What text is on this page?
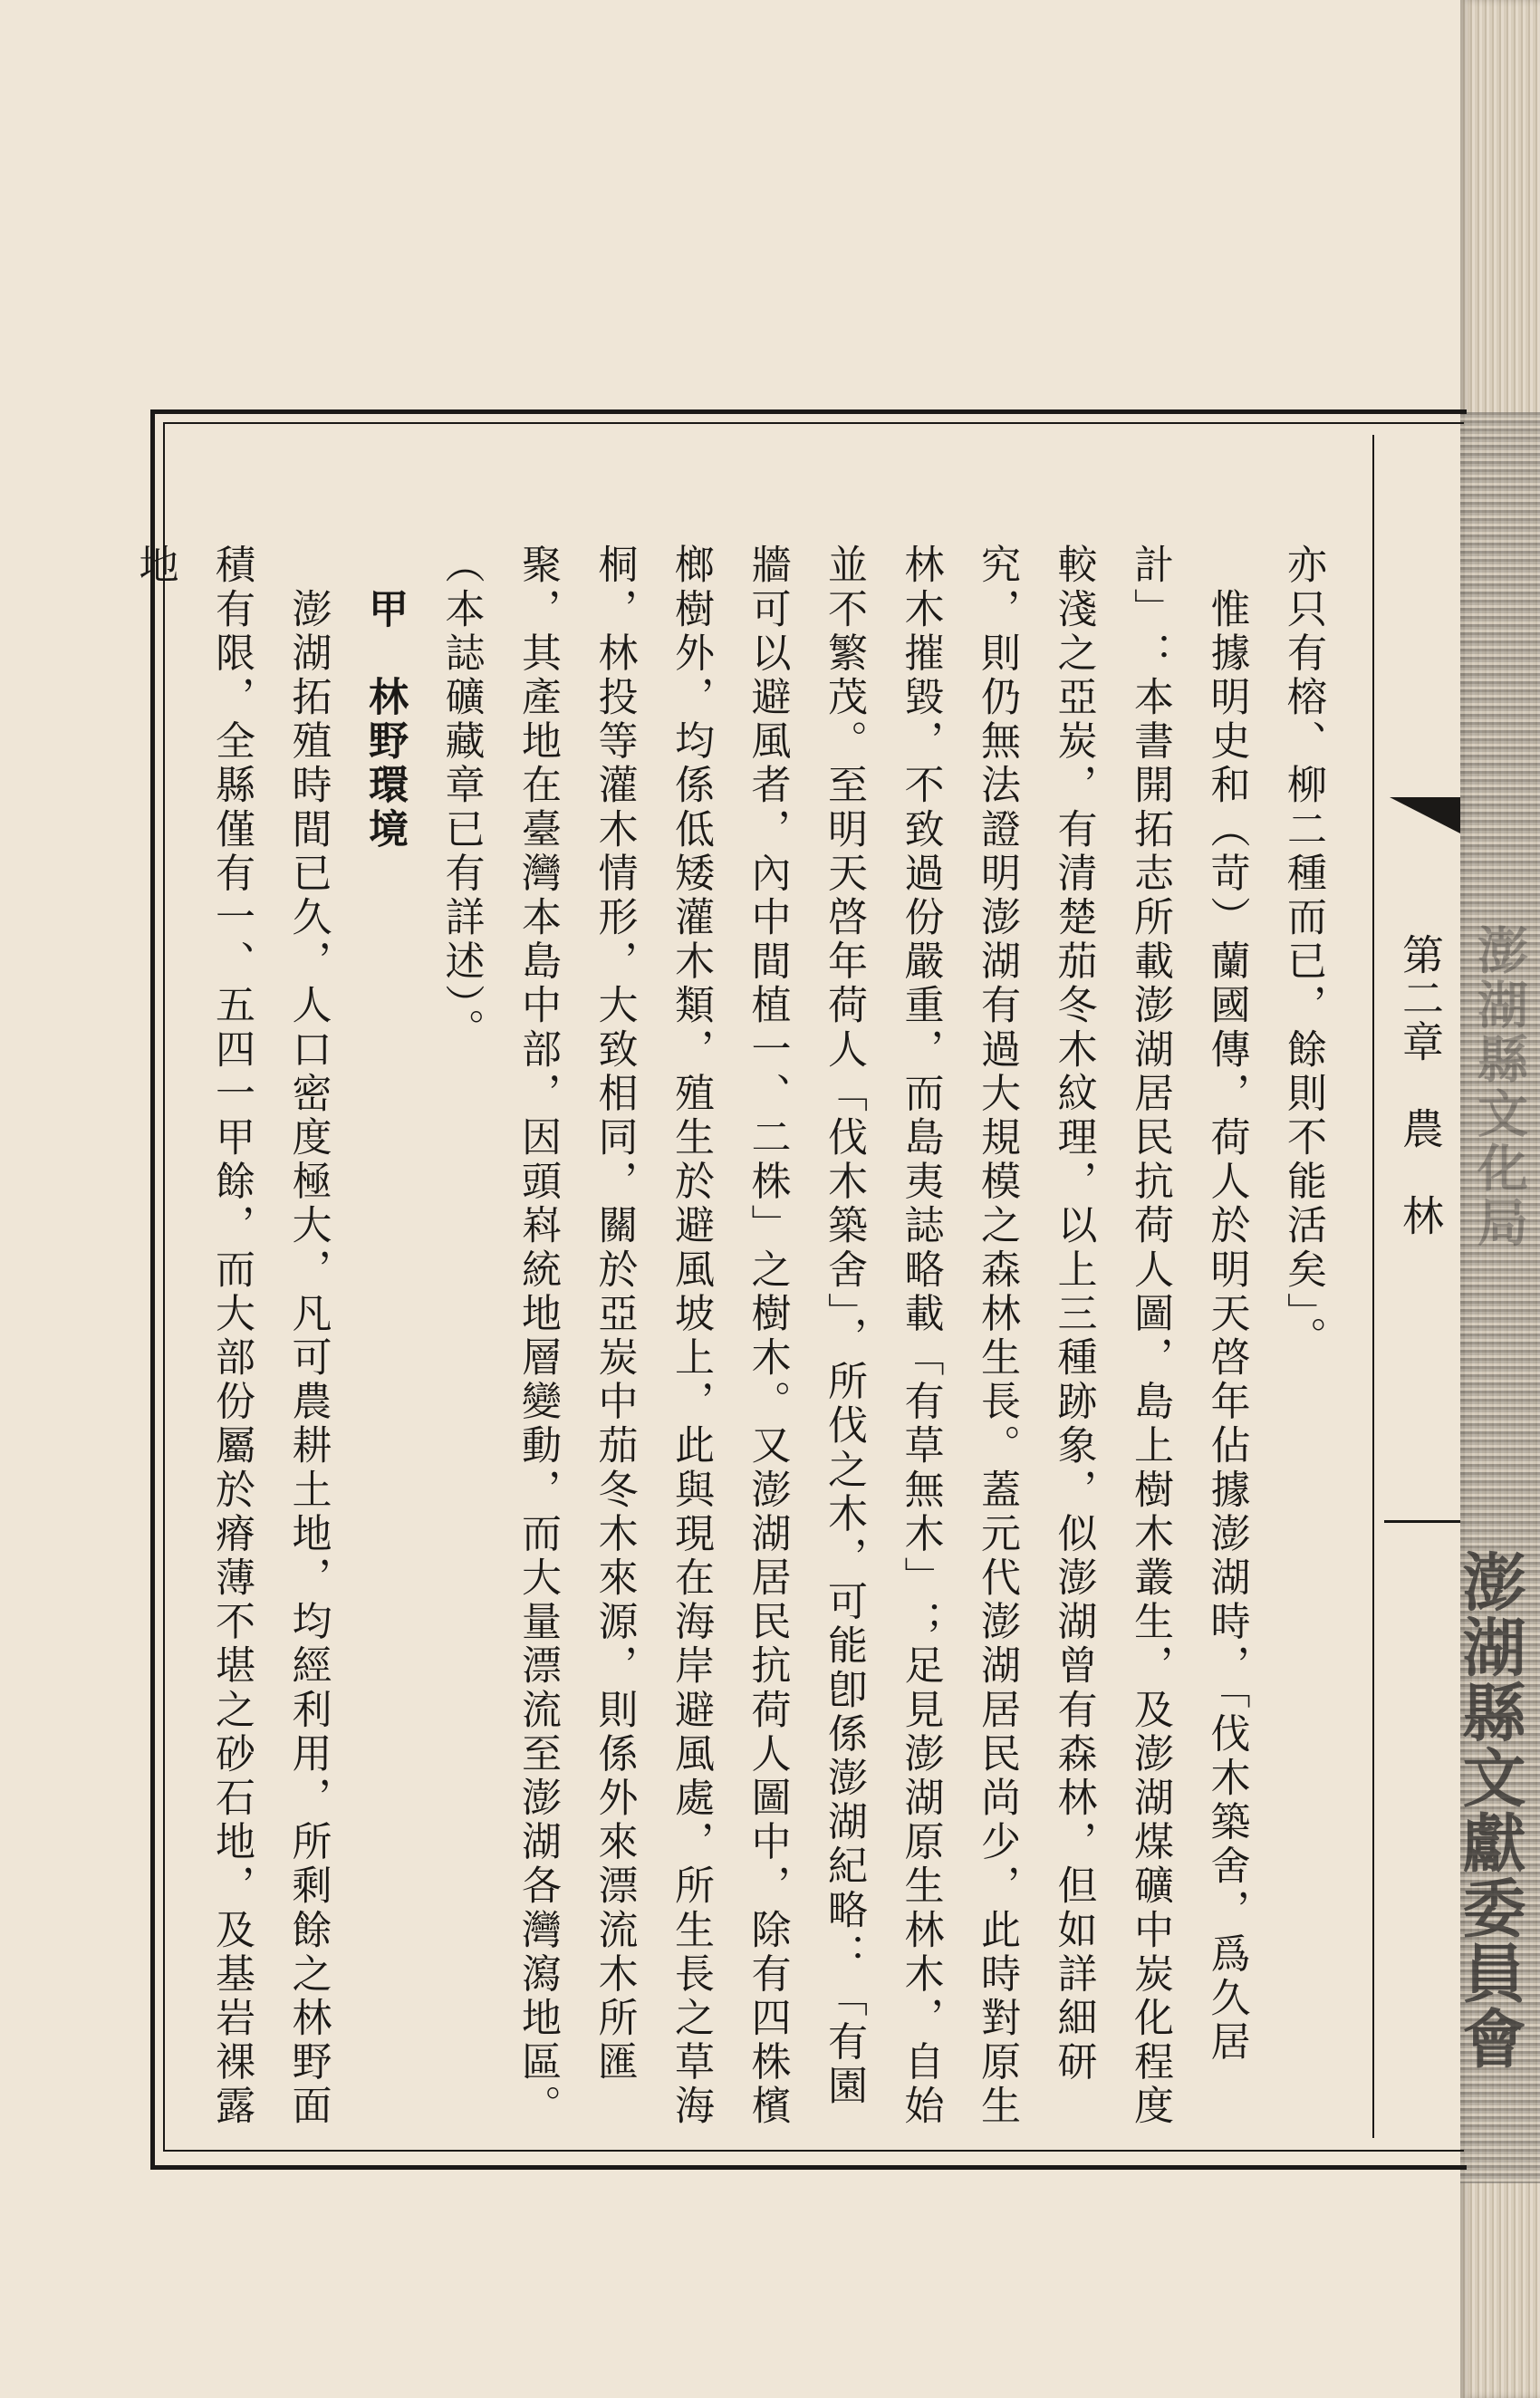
澎湖縣文化局
澎湖縣文獻委員會
第二章　農　林

亦只有榕、柳二種而已，餘則不能活矣」。

　惟據明史和（苛）蘭國傳，荷人於明天啓年佔據澎湖時，「伐木築舍，爲久居計」：本書開拓志所載澎湖居民抗荷人圖，島上樹木叢生，及澎湖煤礦中炭化程度較淺之亞炭，有清楚茄冬木紋理，以上三種跡象，似澎湖曾有森林，但如詳細研究，則仍無法證明澎湖有過大規模之森林生長。蓋元代澎湖居民尚少，此時對原生林木摧毀，不致過份嚴重，而島夷誌略載「有草無木」；足見澎湖原生林木，自始並不繁茂。至明天啓年荷人「伐木築舍」，所伐之木，可能卽係澎湖紀略：「有園牆可以避風者，內中間植一、二株」之樹木。又澎湖居民抗荷人圖中，除有四株檳榔樹外，均係低矮灌木類，殖生於避風坡上，此與現在海岸避風處，所生長之草海桐，林投等灌木情形，大致相同，關於亞炭中茄冬木來源，則係外來漂流木所匯聚，其產地在臺灣本島中部，因頭嵙統地層變動，而大量漂流至澎湖各灣瀉地區。（本誌礦藏章已有詳述）。

　甲　林野環境

　澎湖拓殖時間已久，人口密度極大，凡可農耕土地，均經利用，所剩餘之林野面積有限，全縣僅有一、五四一甲餘，而大部份屬於瘠薄不堪之砂石地，及基岩裸露地
